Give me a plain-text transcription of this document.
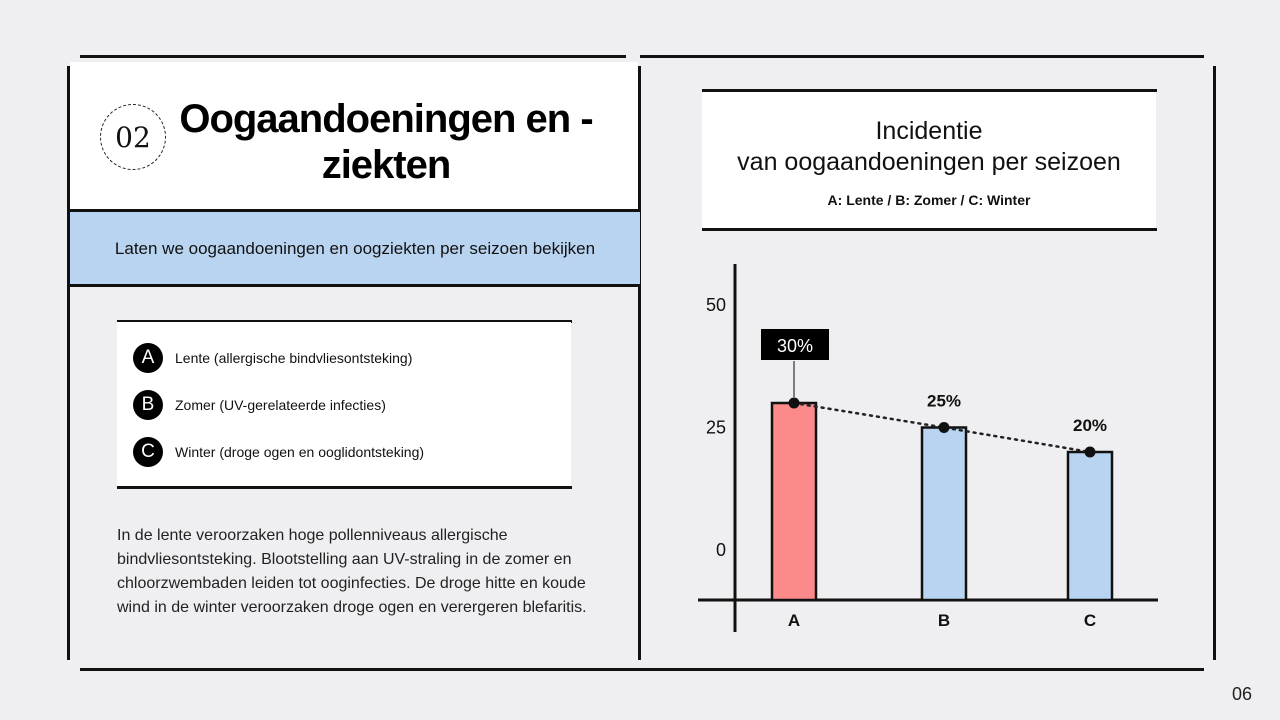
02 Oogaandoeningen en -ziekten
Laten we oogaandoeningen en oogziekten per seizoen bekijken
A	Lente (allergische bindvliesontsteking)
B	Zomer (UV-gerelateerde infecties)
C	Winter (droge ogen en ooglidontsteking)
In de lente veroorzaken hoge pollenniveaus allergische bindvliesontsteking. Blootstelling aan UV-straling in de zomer en chloorzwembaden leiden tot ooginfecties. De droge hitte en koude wind in de winter veroorzaken droge ogen en verergeren blefaritis.
Incidentie
van oogaandoeningen per seizoen
A: Lente / B: Zomer / C: Winter
0
25
50
30%
25%
20%
A	B	C
06
